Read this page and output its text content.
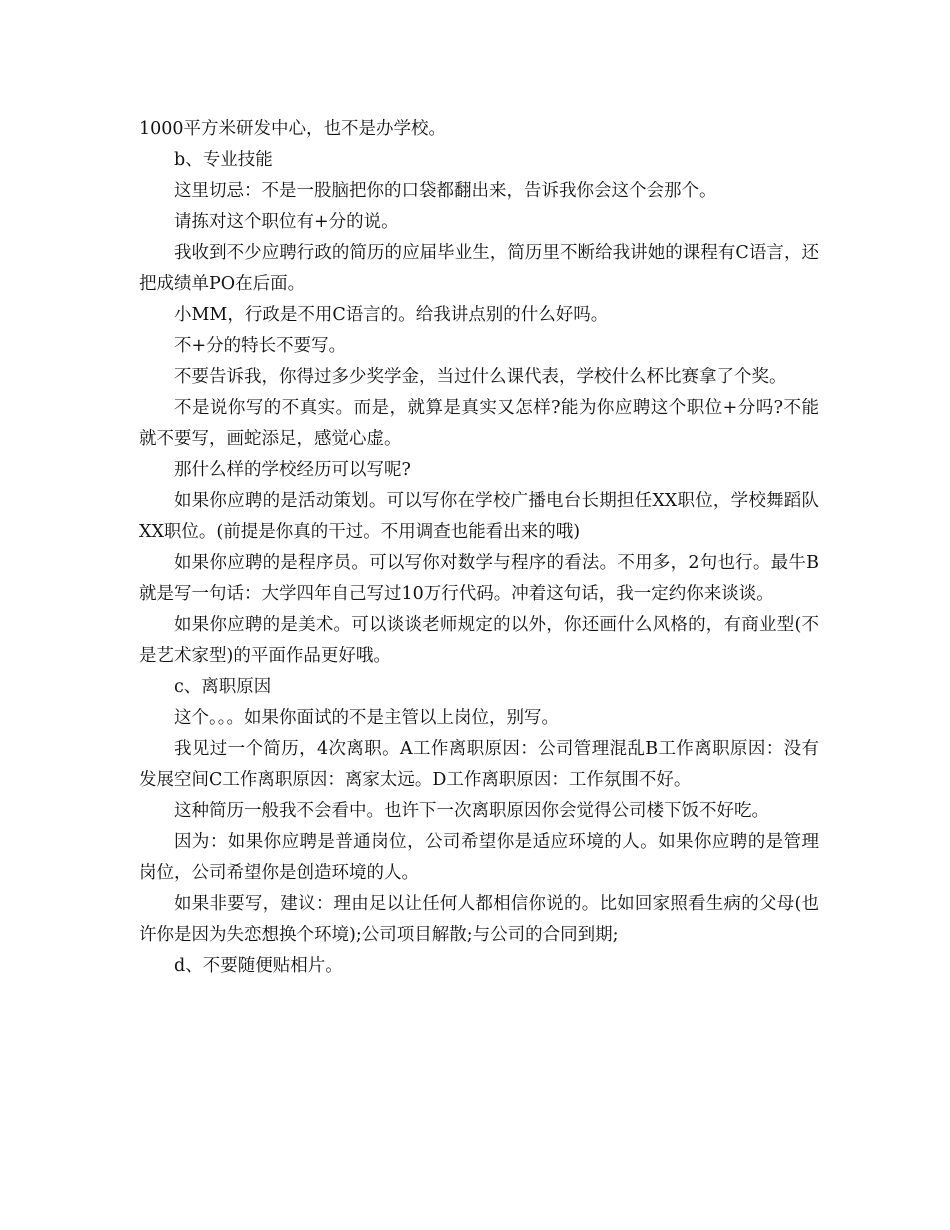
1000平方米研发中心，也不是办学校。

b、专业技能

这里切忌：不是一股脑把你的口袋都翻出来，告诉我你会这个会那个。

请拣对这个职位有+分的说。

我收到不少应聘行政的简历的应届毕业生，简历里不断给我讲她的课程有C语言，还把成绩单PO在后面。

小MM，行政是不用C语言的。给我讲点别的什么好吗。

不+分的特长不要写。

不要告诉我，你得过多少奖学金，当过什么课代表，学校什么杯比赛拿了个奖。

不是说你写的不真实。而是，就算是真实又怎样?能为你应聘这个职位+分吗?不能就不要写，画蛇添足，感觉心虚。

那什么样的学校经历可以写呢?

如果你应聘的是活动策划。可以写你在学校广播电台长期担任XX职位，学校舞蹈队XX职位。(前提是你真的干过。不用调查也能看出来的哦)

如果你应聘的是程序员。可以写你对数学与程序的看法。不用多，2句也行。最牛B就是写一句话：大学四年自己写过10万行代码。冲着这句话，我一定约你来谈谈。

如果你应聘的是美术。可以谈谈老师规定的以外，你还画什么风格的，有商业型(不是艺术家型)的平面作品更好哦。

c、离职原因

这个。。。如果你面试的不是主管以上岗位，别写。

我见过一个简历，4次离职。A工作离职原因：公司管理混乱B工作离职原因：没有发展空间C工作离职原因：离家太远。D工作离职原因：工作氛围不好。

这种简历一般我不会看中。也许下一次离职原因你会觉得公司楼下饭不好吃。

因为：如果你应聘是普通岗位，公司希望你是适应环境的人。如果你应聘的是管理岗位，公司希望你是创造环境的人。

如果非要写，建议：理由足以让任何人都相信你说的。比如回家照看生病的父母(也许你是因为失恋想换个环境);公司项目解散;与公司的合同到期;

d、不要随便贴相片。
